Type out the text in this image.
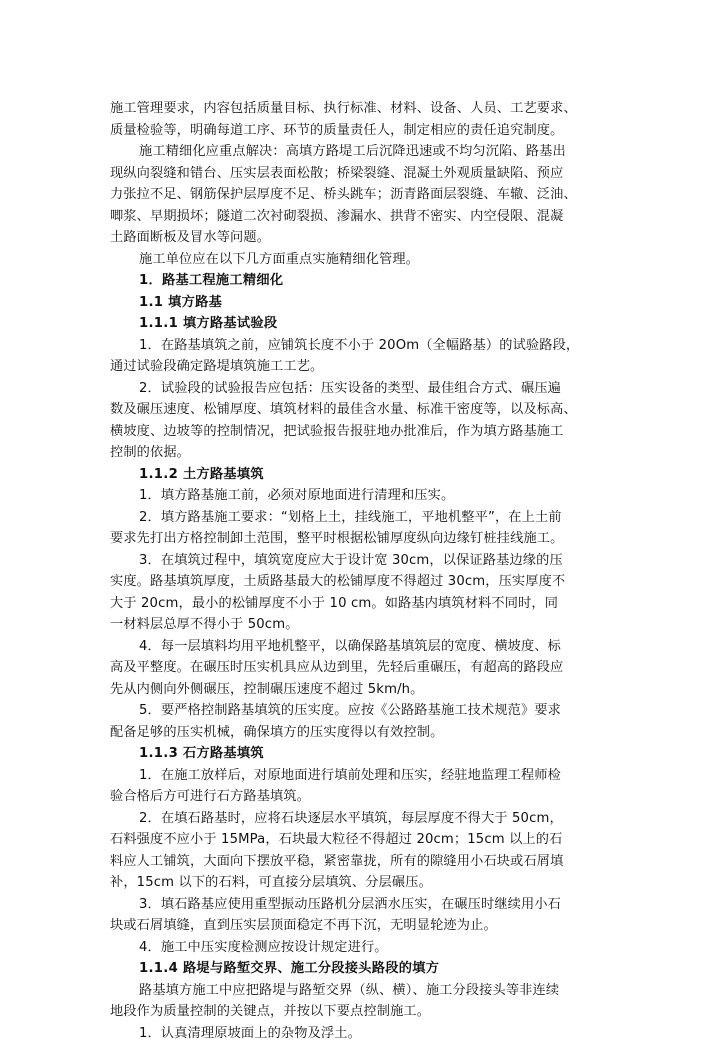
施工管理要求，内容包括质量目标、执行标准、材料、设备、人员、工艺要求、
质量检验等，明确每道工序、环节的质量责任人，制定相应的责任追究制度。
施工精细化应重点解决：高填方路堤工后沉降迅速或不均匀沉陷、路基出
现纵向裂缝和错台、压实层表面松散；桥梁裂缝、混凝土外观质量缺陷、预应
力张拉不足、钢筋保护层厚度不足、桥头跳车；沥青路面层裂缝、车辙、泛油、
唧浆、早期损坏；隧道二次衬砌裂损、渗漏水、拱背不密实、内空侵限、混凝
土路面断板及冒水等问题。
施工单位应在以下几方面重点实施精细化管理。
1．路基工程施工精细化
1.1 填方路基
1.1.1 填方路基试验段
1．在路基填筑之前，应铺筑长度不小于 20Om（全幅路基）的试验路段，
通过试验段确定路堤填筑施工工艺。
2．试验段的试验报告应包括：压实设备的类型、最佳组合方式、碾压遍
数及碾压速度、松铺厚度、填筑材料的最佳含水量、标准干密度等，以及标高、
横坡度、边坡等的控制情况，把试验报告报驻地办批准后，作为填方路基施工
控制的依据。
1.1.2 土方路基填筑
1．填方路基施工前，必须对原地面进行清理和压实。
2．填方路基施工要求：“划格上土，挂线施工，平地机整平”，在上土前
要求先打出方格控制卸土范围，整平时根据松铺厚度纵向边缘钉桩挂线施工。
3．在填筑过程中，填筑宽度应大于设计宽 30cm，以保证路基边缘的压
实度。路基填筑厚度，土质路基最大的松铺厚度不得超过 30cm，压实厚度不
大于 20cm，最小的松铺厚度不小于 10 cm。如路基内填筑材料不同时，同
一材料层总厚不得小于 50cm。
4．每一层填料均用平地机整平，以确保路基填筑层的宽度、横坡度、标
高及平整度。在碾压时压实机具应从边到里，先轻后重碾压，有超高的路段应
先从内侧向外侧碾压，控制碾压速度不超过 5km/h。
5．要严格控制路基填筑的压实度。应按《公路路基施工技术规范》要求
配备足够的压实机械，确保填方的压实度得以有效控制。
1.1.3 石方路基填筑
1．在施工放样后，对原地面进行填前处理和压实，经驻地监理工程师检
验合格后方可进行石方路基填筑。
2．在填石路基时，应将石块逐层水平填筑，每层厚度不得大于 50cm，
石料强度不应小于 15MPa，石块最大粒径不得超过 20cm；15cm 以上的石
料应人工铺筑，大面向下摆放平稳，紧密靠拢，所有的隙缝用小石块或石屑填
补，15cm 以下的石料，可直接分层填筑、分层碾压。
3．填石路基应使用重型振动压路机分层洒水压实，在碾压时继续用小石
块或石屑填缝，直到压实层顶面稳定不再下沉，无明显轮迹为止。
4．施工中压实度检测应按设计规定进行。
1.1.4 路堤与路堑交界、施工分段接头路段的填方
路基填方施工中应把路堤与路堑交界（纵、横）、施工分段接头等非连续
地段作为质量控制的关键点，并按以下要点控制施工。
1．认真清理原坡面上的杂物及浮土。
